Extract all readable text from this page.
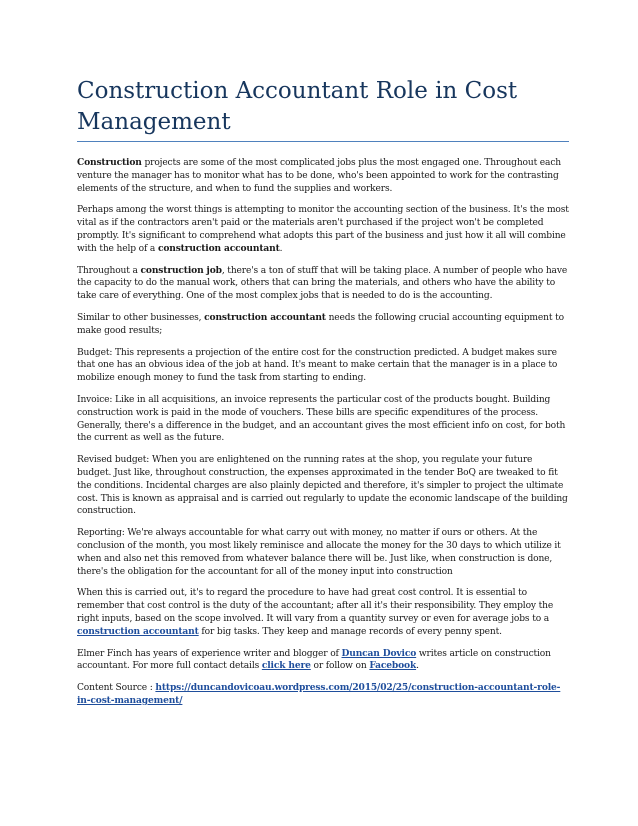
Construction Accountant Role in Cost Management

Construction projects are some of the most complicated jobs plus the most engaged one. Throughout each venture the manager has to monitor what has to be done, who's been appointed to work for the contrasting elements of the structure, and when to fund the supplies and workers.

Perhaps among the worst things is attempting to monitor the accounting section of the business. It's the most vital as if the contractors aren't paid or the materials aren't purchased if the project won't be completed promptly. It's significant to comprehend what adopts this part of the business and just how it all will combine with the help of a construction accountant.

Throughout a construction job, there's a ton of stuff that will be taking place. A number of people who have the capacity to do the manual work, others that can bring the materials, and others who have the ability to take care of everything. One of the most complex jobs that is needed to do is the accounting.

Similar to other businesses, construction accountant needs the following crucial accounting equipment to make good results;

Budget: This represents a projection of the entire cost for the construction predicted. A budget makes sure that one has an obvious idea of the job at hand. It's meant to make certain that the manager is in a place to mobilize enough money to fund the task from starting to ending.

Invoice: Like in all acquisitions, an invoice represents the particular cost of the products bought. Building construction work is paid in the mode of vouchers. These bills are specific expenditures of the process. Generally, there's a difference in the budget, and an accountant gives the most efficient info on cost, for both the current as well as the future.

Revised budget: When you are enlightened on the running rates at the shop, you regulate your future budget. Just like, throughout construction, the expenses approximated in the tender BoQ are tweaked to fit the conditions. Incidental charges are also plainly depicted and therefore, it's simpler to project the ultimate cost. This is known as appraisal and is carried out regularly to update the economic landscape of the building construction.

Reporting: We're always accountable for what carry out with money, no matter if ours or others. At the conclusion of the month, you most likely reminisce and allocate the money for the 30 days to which utilize it when and also net this removed from whatever balance there will be. Just like, when construction is done, there's the obligation for the accountant for all of the money input into construction

When this is carried out, it's to regard the procedure to have had great cost control. It is essential to remember that cost control is the duty of the accountant; after all it's their responsibility. They employ the right inputs, based on the scope involved. It will vary from a quantity survey or even for average jobs to a construction accountant for big tasks. They keep and manage records of every penny spent.

Elmer Finch has years of experience writer and blogger of Duncan Dovico writes article on construction accountant. For more full contact details click here or follow on Facebook.

Content Source : https://duncandovicoau.wordpress.com/2015/02/25/construction-accountant-role-in-cost-management/
